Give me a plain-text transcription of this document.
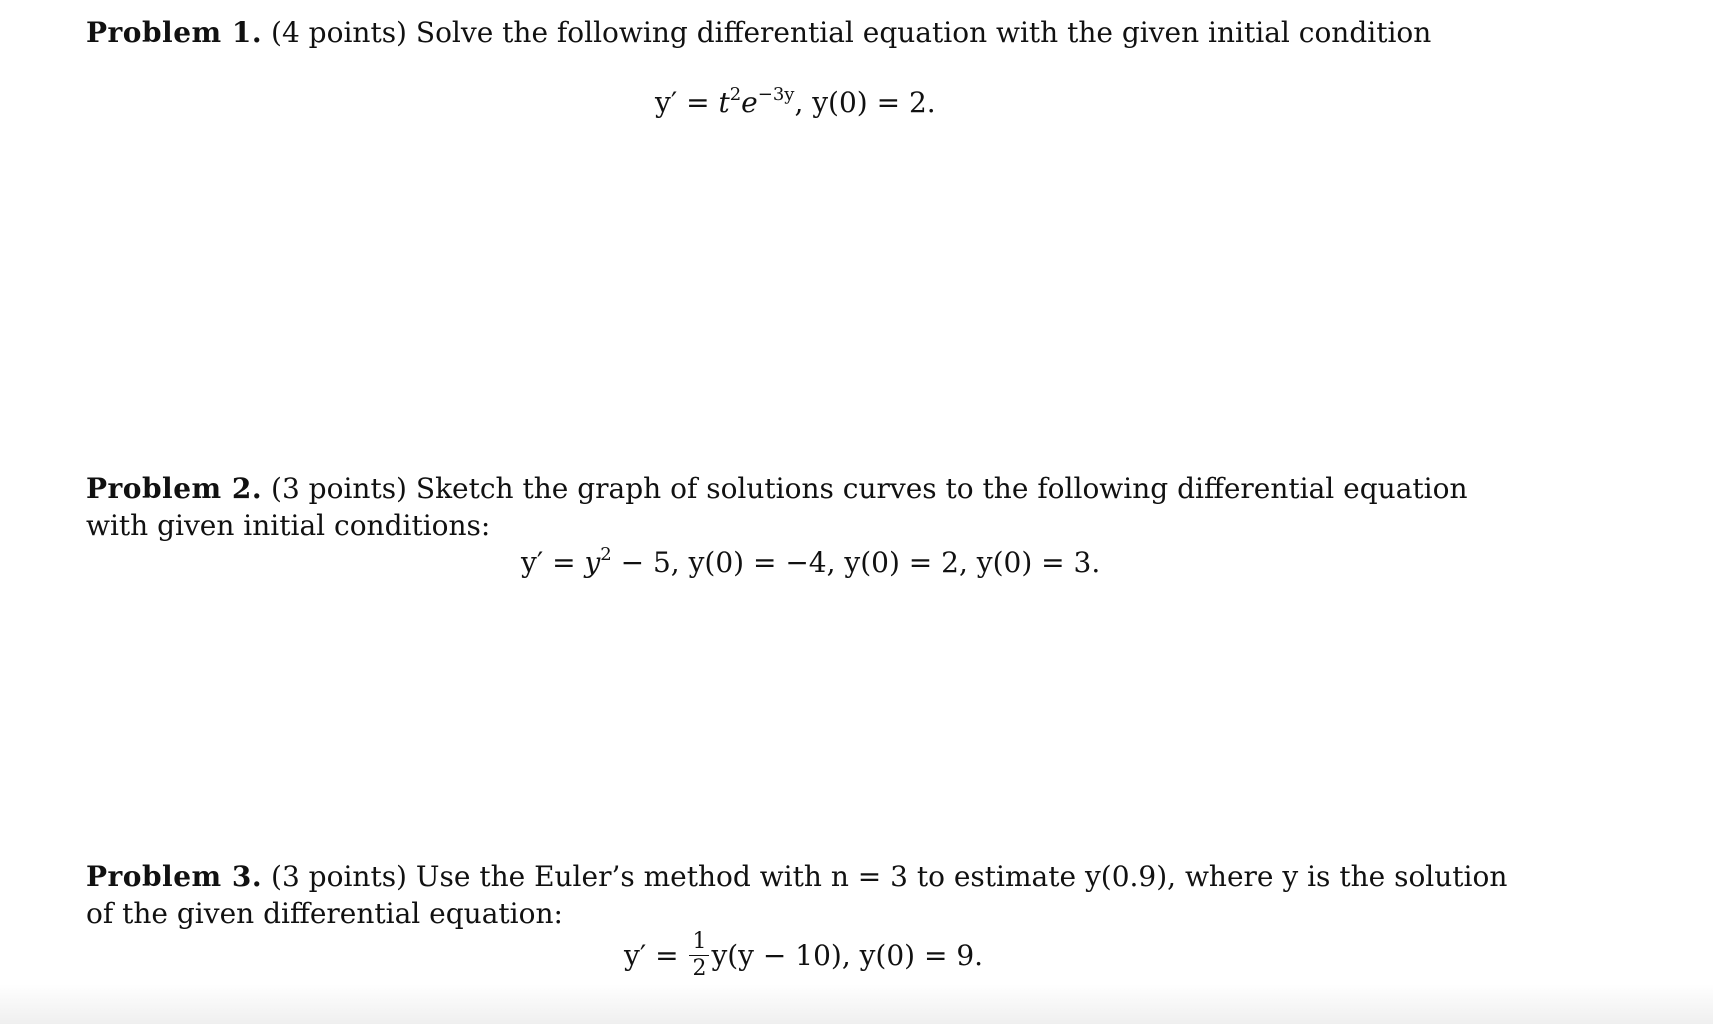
Problem 1. (4 points) Solve the following differential equation with the given initial condition
$y' = t^2e^{-3y}$, y(0) = 2.
Problem 2. (3 points) Sketch the graph of solutions curves to the following differential equation with given initial conditions:
$y' = y^2 - 5$, y(0) = −4, y(0) = 2, y(0) = 3.
Problem 3. (3 points) Use the Euler’s method with n = 3 to estimate y(0.9), where y is the solution of the given differential equation:
$y' = \frac{1}{2} y(y - 10)$, y(0) = 9.
